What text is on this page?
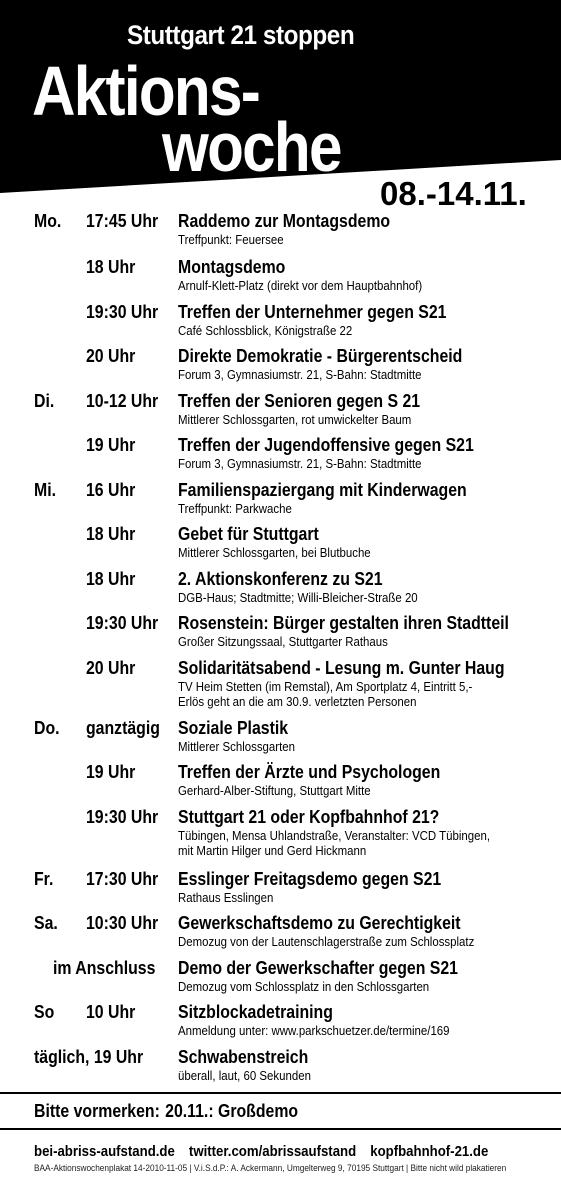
Stuttgart 21 stoppen
Aktions-
woche
08.-14.11.
Mo. 17:45 Uhr Raddemo zur Montagsdemo
Treffpunkt: Feuersee
18 Uhr Montagsdemo
Arnulf-Klett-Platz (direkt vor dem Hauptbahnhof)
19:30 Uhr Treffen der Unternehmer gegen S21
Café Schlossblick, Königstraße 22
20 Uhr Direkte Demokratie - Bürgerentscheid
Forum 3, Gymnasiumstr. 21, S-Bahn: Stadtmitte
Di. 10-12 Uhr Treffen der Senioren gegen S 21
Mittlerer Schlossgarten, rot umwickelter Baum
19 Uhr Treffen der Jugendoffensive gegen S21
Forum 3, Gymnasiumstr. 21, S-Bahn: Stadtmitte
Mi. 16 Uhr Familienspaziergang mit Kinderwagen
Treffpunkt: Parkwache
18 Uhr Gebet für Stuttgart
Mittlerer Schlossgarten, bei Blutbuche
18 Uhr 2. Aktionskonferenz zu S21
DGB-Haus; Stadtmitte; Willi-Bleicher-Straße 20
19:30 Uhr Rosenstein: Bürger gestalten ihren Stadtteil
Großer Sitzungssaal, Stuttgarter Rathaus
20 Uhr Solidaritätsabend - Lesung m. Gunter Haug
TV Heim Stetten (im Remstal), Am Sportplatz 4, Eintritt 5,-
Erlös geht an die am 30.9. verletzten Personen
Do. ganztägig Soziale Plastik
Mittlerer Schlossgarten
19 Uhr Treffen der Ärzte und Psychologen
Gerhard-Alber-Stiftung, Stuttgart Mitte
19:30 Uhr Stuttgart 21 oder Kopfbahnhof 21?
Tübingen, Mensa Uhlandstraße, Veranstalter: VCD Tübingen,
mit Martin Hilger und Gerd Hickmann
Fr. 17:30 Uhr Esslinger Freitagsdemo gegen S21
Rathaus Esslingen
Sa. 10:30 Uhr Gewerkschaftsdemo zu Gerechtigkeit
Demozug von der Lautenschlagerstraße zum Schlossplatz
im Anschluss Demo der Gewerkschafter gegen S21
Demozug vom Schlossplatz in den Schlossgarten
So 10 Uhr Sitzblockadetraining
Anmeldung unter: www.parkschuetzer.de/termine/169
täglich, 19 Uhr Schwabenstreich
überall, laut, 60 Sekunden
Bitte vormerken: 20.11.: Großdemo
bei-abriss-aufstand.de twitter.com/abrissaufstand kopfbahnhof-21.de
BAA-Aktionswochenplakat 14-2010-11-05 | V.i.S.d.P.: A. Ackermann, Umgelterweg 9, 70195 Stuttgart | Bitte nicht wild plakatieren
